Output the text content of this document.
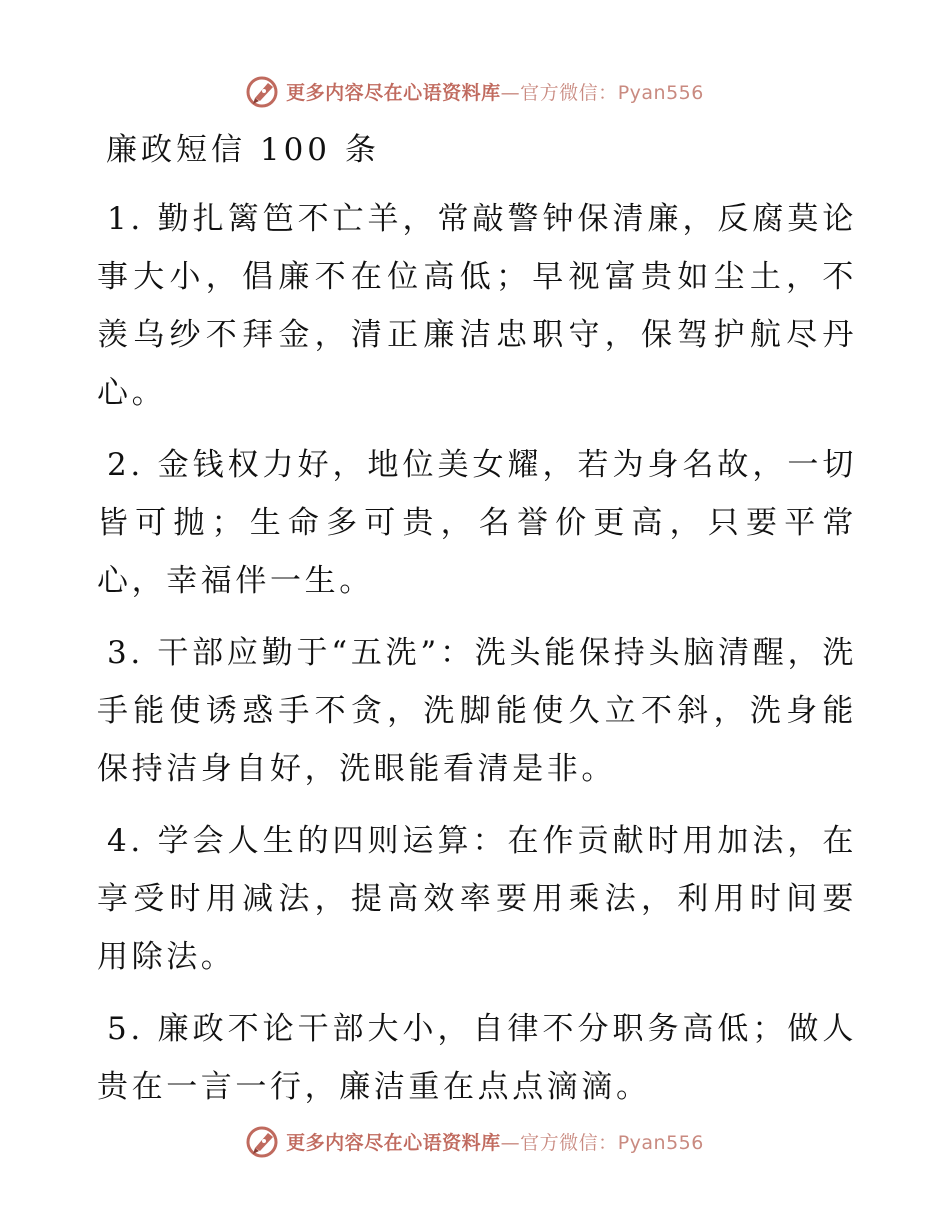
更多内容尽在心语资料库—官方微信：Pyan556
廉政短信 100 条

1. 勤扎篱笆不亡羊，常敲警钟保清廉，反腐莫论事大小，倡廉不在位高低；早视富贵如尘土，不羡乌纱不拜金，清正廉洁忠职守，保驾护航尽丹心。

2. 金钱权力好，地位美女耀，若为身名故，一切皆可抛；生命多可贵，名誉价更高，只要平常心，幸福伴一生。

3. 干部应勤于“五洗”：洗头能保持头脑清醒，洗手能使诱惑手不贪，洗脚能使久立不斜，洗身能保持洁身自好，洗眼能看清是非。

4. 学会人生的四则运算：在作贡献时用加法，在享受时用减法，提高效率要用乘法，利用时间要用除法。

5. 廉政不论干部大小，自律不分职务高低；做人贵在一言一行，廉洁重在点点滴滴。

更多内容尽在心语资料库—官方微信：Pyan556
